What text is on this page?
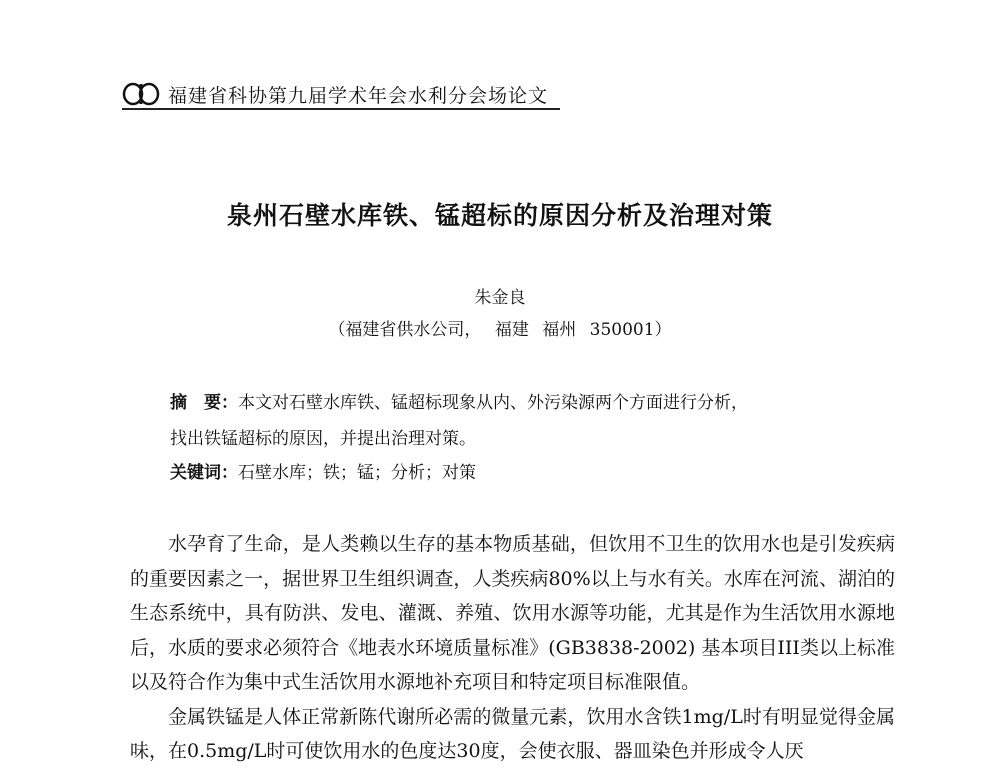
福建省科协第九届学术年会水利分会场论文
泉州石壁水库铁、锰超标的原因分析及治理对策
朱金良
（福建省供水公司， 福建 福州 350001）
摘　要：本文对石壁水库铁、锰超标现象从内、外污染源两个方面进行分析，
找出铁锰超标的原因，并提出治理对策。
关键词：石壁水库；铁；锰；分析；对策

水孕育了生命，是人类赖以生存的基本物质基础，但饮用不卫生的饮用水也是引发疾病的重要因素之一，据世界卫生组织调查，人类疾病80%以上与水有关。水库在河流、湖泊的生态系统中，具有防洪、发电、灌溉、养殖、饮用水源等功能，尤其是作为生活饮用水源地后，水质的要求必须符合《地表水环境质量标准》(GB3838-2002) 基本项目III类以上标准以及符合作为集中式生活饮用水源地补充项目和特定项目标准限值。

金属铁锰是人体正常新陈代谢所必需的微量元素，饮用水含铁1mg/L时有明显觉得金属味，在0.5mg/L时可使饮用水的色度达30度，会使衣服、器皿染色并形成令人厌
